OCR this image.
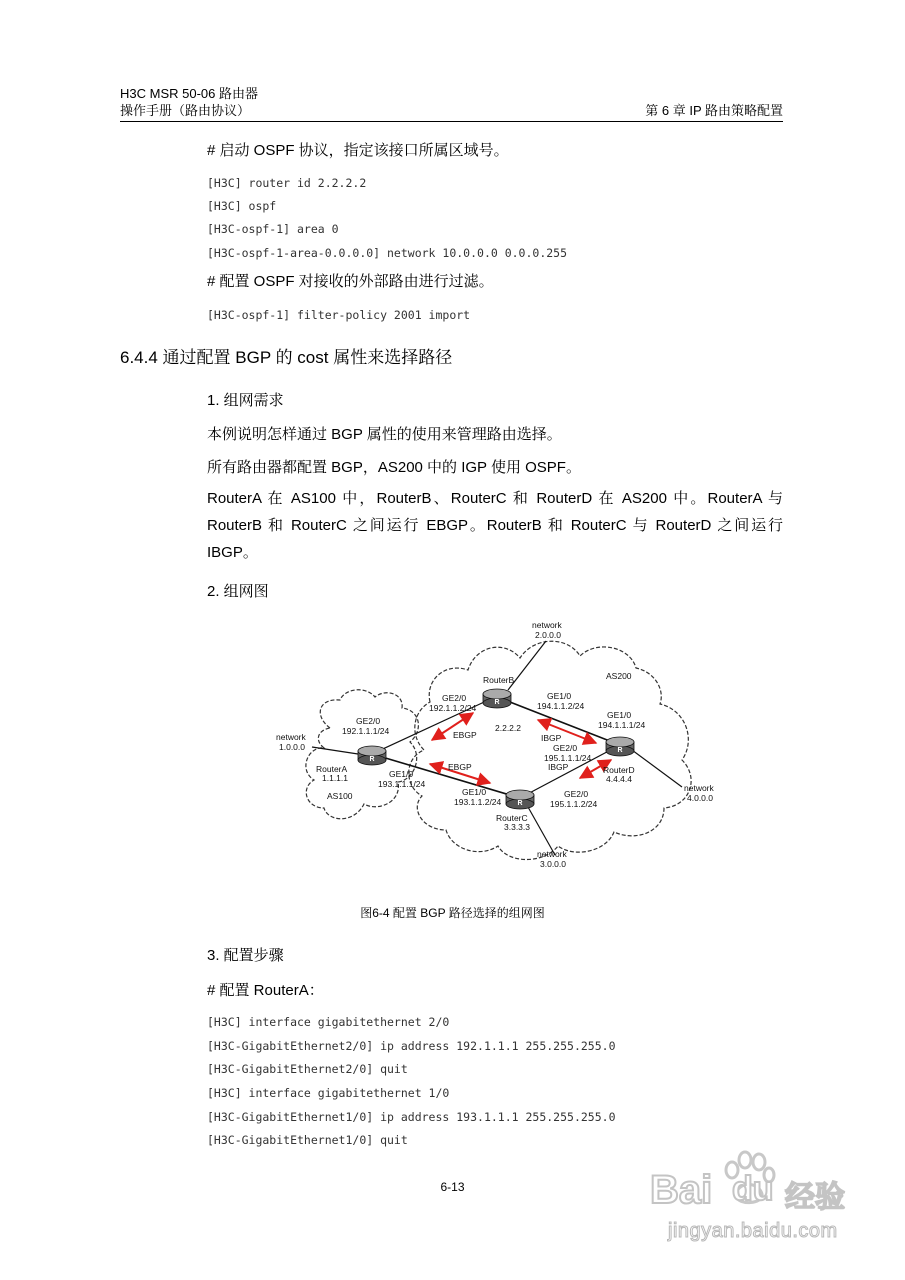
H3C MSR 50-06 路由器
操作手册（路由协议）	第 6 章 IP 路由策略配置
# 启动 OSPF 协议，指定该接口所属区域号。
[H3C] router id 2.2.2.2
[H3C] ospf
[H3C-ospf-1] area 0
[H3C-ospf-1-area-0.0.0.0] network 10.0.0.0 0.0.0.255
# 配置 OSPF 对接收的外部路由进行过滤。
[H3C-ospf-1] filter-policy 2001 import
6.4.4 通过配置 BGP 的 cost 属性来选择路径
1. 组网需求
本例说明怎样通过 BGP 属性的使用来管理路由选择。
所有路由器都配置 BGP，AS200 中的 IGP 使用 OSPF。
RouterA 在 AS100 中，RouterB、RouterC 和 RouterD 在 AS200 中。RouterA 与
RouterB 和 RouterC 之间运行 EBGP。RouterB 和 RouterC 与 RouterD 之间运行
IBGP。
2. 组网图
R
R
R
R
AS200
AS100
network
2.0.0.0
network
1.0.0.0
network
4.0.0.0
network
3.0.0.0
RouterB
2.2.2.2
RouterA
1.1.1.1
RouterC
3.3.3.3
RouterD
4.4.4.4
GE2/0
192.1.1.1/24
GE1/0
193.1.1.1/24
GE2/0
192.1.1.2/24
GE1/0
194.1.1.2/24
GE1/0
193.1.1.2/24
GE2/0
195.1.1.2/24
GE1/0
194.1.1.1/24
GE2/0
195.1.1.1/24
EBGP
EBGP
IBGP
IBGP
图6-4 配置 BGP 路径选择的组网图
3. 配置步骤
# 配置 RouterA：
[H3C] interface gigabitethernet 2/0
[H3C-GigabitEthernet2/0] ip address 192.1.1.1 255.255.255.0
[H3C-GigabitEthernet2/0] quit
[H3C] interface gigabitethernet 1/0
[H3C-GigabitEthernet1/0] ip address 193.1.1.1 255.255.255.0
[H3C-GigabitEthernet1/0] quit
6-13	Bai du 经验
jingyan.baidu.com
